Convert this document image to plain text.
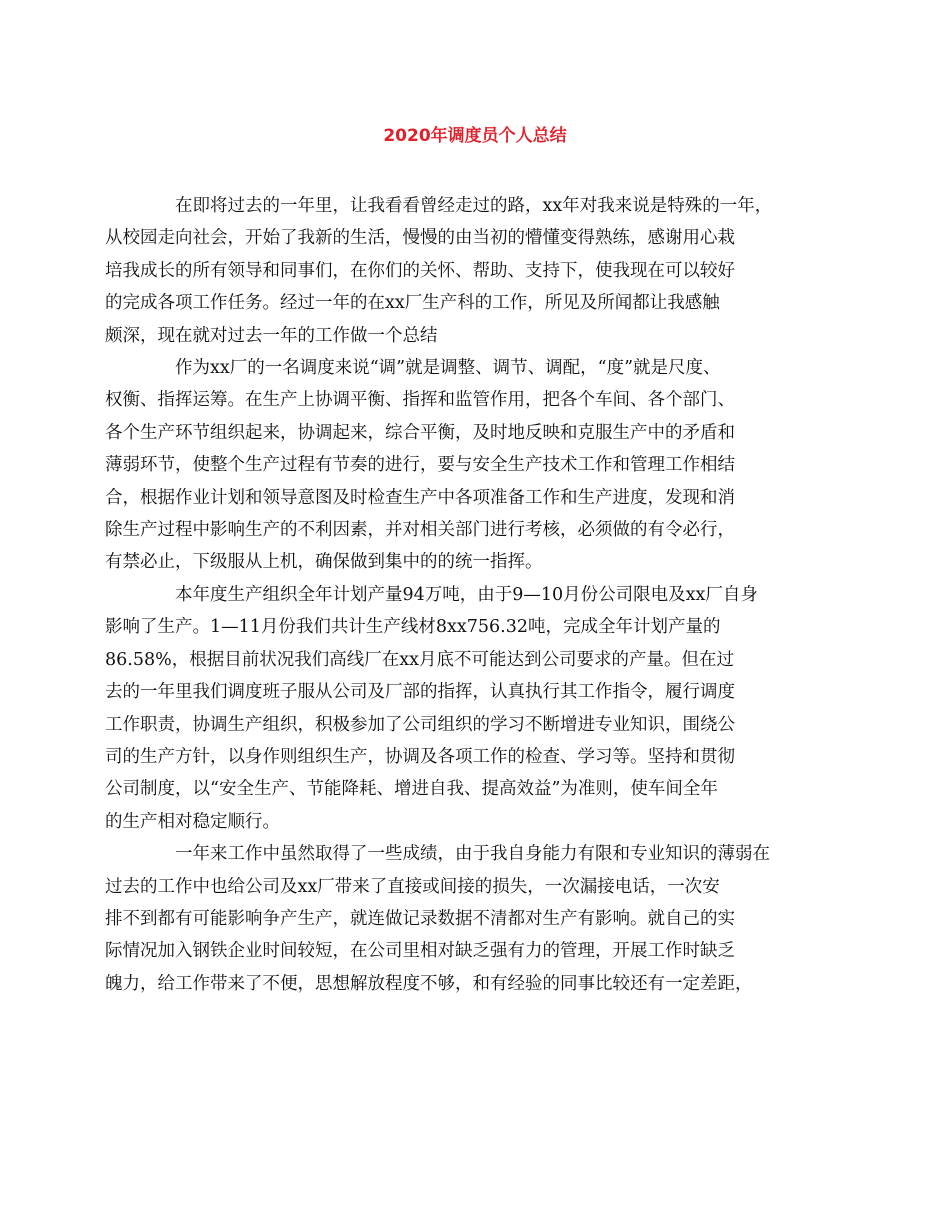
2020年调度员个人总结
在即将过去的一年里，让我看看曾经走过的路，xx年对我来说是特殊的一年，
从校园走向社会，开始了我新的生活，慢慢的由当初的懵懂变得熟练，感谢用心栽
培我成长的所有领导和同事们，在你们的关怀、帮助、支持下，使我现在可以较好
的完成各项工作任务。经过一年的在xx厂生产科的工作，所见及所闻都让我感触
颇深，现在就对过去一年的工作做一个总结
作为xx厂的一名调度来说“调”就是调整、调节、调配，“度”就是尺度、
权衡、指挥运筹。在生产上协调平衡、指挥和监管作用，把各个车间、各个部门、
各个生产环节组织起来，协调起来，综合平衡，及时地反映和克服生产中的矛盾和
薄弱环节，使整个生产过程有节奏的进行，要与安全生产技术工作和管理工作相结
合，根据作业计划和领导意图及时检查生产中各项准备工作和生产进度，发现和消
除生产过程中影响生产的不利因素，并对相关部门进行考核，必须做的有令必行，
有禁必止，下级服从上机，确保做到集中的的统一指挥。
本年度生产组织全年计划产量94万吨，由于9—10月份公司限电及xx厂自身
影响了生产。1—11月份我们共计生产线材8xx756.32吨，完成全年计划产量的
86.58%，根据目前状况我们高线厂在xx月底不可能达到公司要求的产量。但在过
去的一年里我们调度班子服从公司及厂部的指挥，认真执行其工作指令，履行调度
工作职责，协调生产组织，积极参加了公司组织的学习不断增进专业知识，围绕公
司的生产方针，以身作则组织生产，协调及各项工作的检查、学习等。坚持和贯彻
公司制度，以“安全生产、节能降耗、增进自我、提高效益”为准则，使车间全年
的生产相对稳定顺行。
一年来工作中虽然取得了一些成绩，由于我自身能力有限和专业知识的薄弱在
过去的工作中也给公司及xx厂带来了直接或间接的损失，一次漏接电话，一次安
排不到都有可能影响争产生产，就连做记录数据不清都对生产有影响。就自己的实
际情况加入钢铁企业时间较短，在公司里相对缺乏强有力的管理，开展工作时缺乏
魄力，给工作带来了不便，思想解放程度不够，和有经验的同事比较还有一定差距，
